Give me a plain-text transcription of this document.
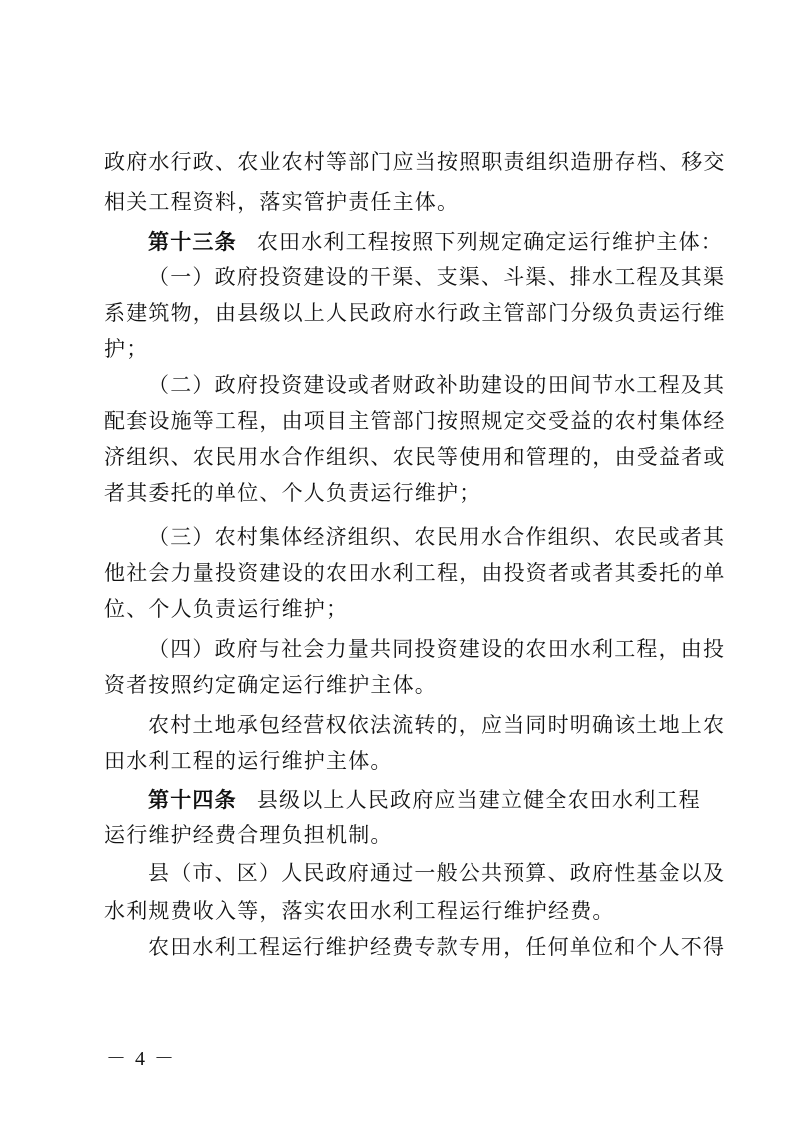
政府水行政、农业农村等部门应当按照职责组织造册存档、移交
相关工程资料，落实管护责任主体。
第十三条 农田水利工程按照下列规定确定运行维护主体：
（一）政府投资建设的干渠、支渠、斗渠、排水工程及其渠
系建筑物，由县级以上人民政府水行政主管部门分级负责运行维
护；
（二）政府投资建设或者财政补助建设的田间节水工程及其
配套设施等工程，由项目主管部门按照规定交受益的农村集体经
济组织、农民用水合作组织、农民等使用和管理的，由受益者或
者其委托的单位、个人负责运行维护；
（三）农村集体经济组织、农民用水合作组织、农民或者其
他社会力量投资建设的农田水利工程，由投资者或者其委托的单
位、个人负责运行维护；
（四）政府与社会力量共同投资建设的农田水利工程，由投
资者按照约定确定运行维护主体。
农村土地承包经营权依法流转的，应当同时明确该土地上农
田水利工程的运行维护主体。
第十四条 县级以上人民政府应当建立健全农田水利工程
运行维护经费合理负担机制。
县（市、区）人民政府通过一般公共预算、政府性基金以及
水利规费收入等，落实农田水利工程运行维护经费。
农田水利工程运行维护经费专款专用，任何单位和个人不得
－ 4 －
